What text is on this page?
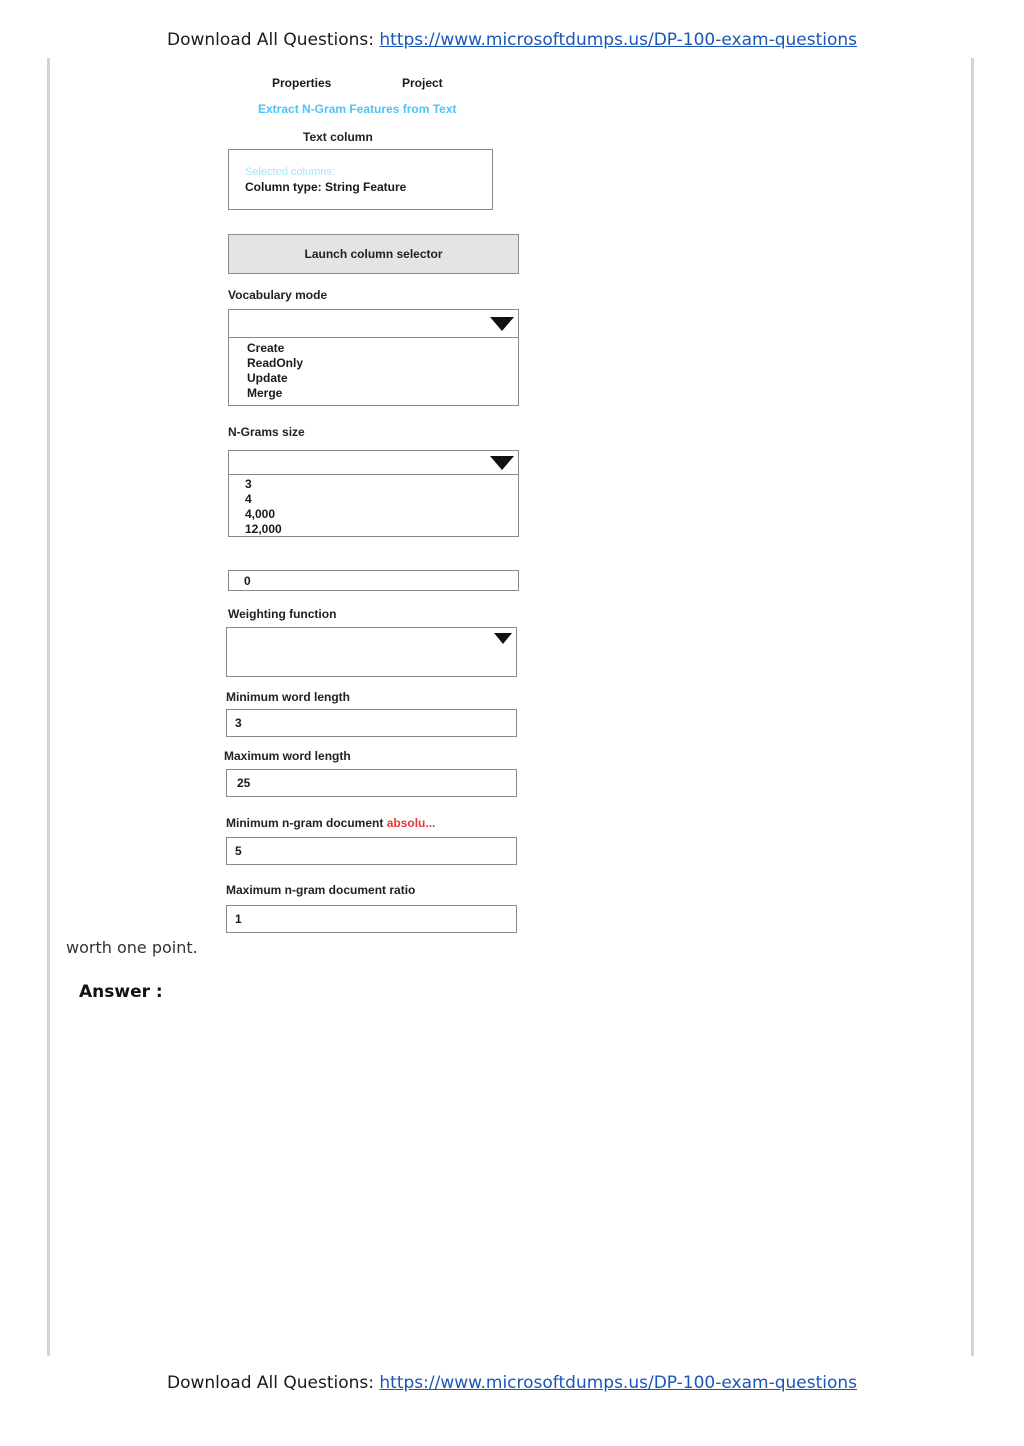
Download All Questions: https://www.microsoftdumps.us/DP-100-exam-questions
Properties	Project
Extract N-Gram Features from Text
Text column
Selected columns:
Column type: String Feature
Launch column selector
Vocabulary mode
Create
ReadOnly
Update
Merge
N-Grams size
3
4
4,000
12,000
0
Weighting function
Minimum word length
3
Maximum word length
25
Minimum n-gram document absolu...
5
Maximum n-gram document ratio
1
worth one point.
Answer :
Download All Questions: https://www.microsoftdumps.us/DP-100-exam-questions
